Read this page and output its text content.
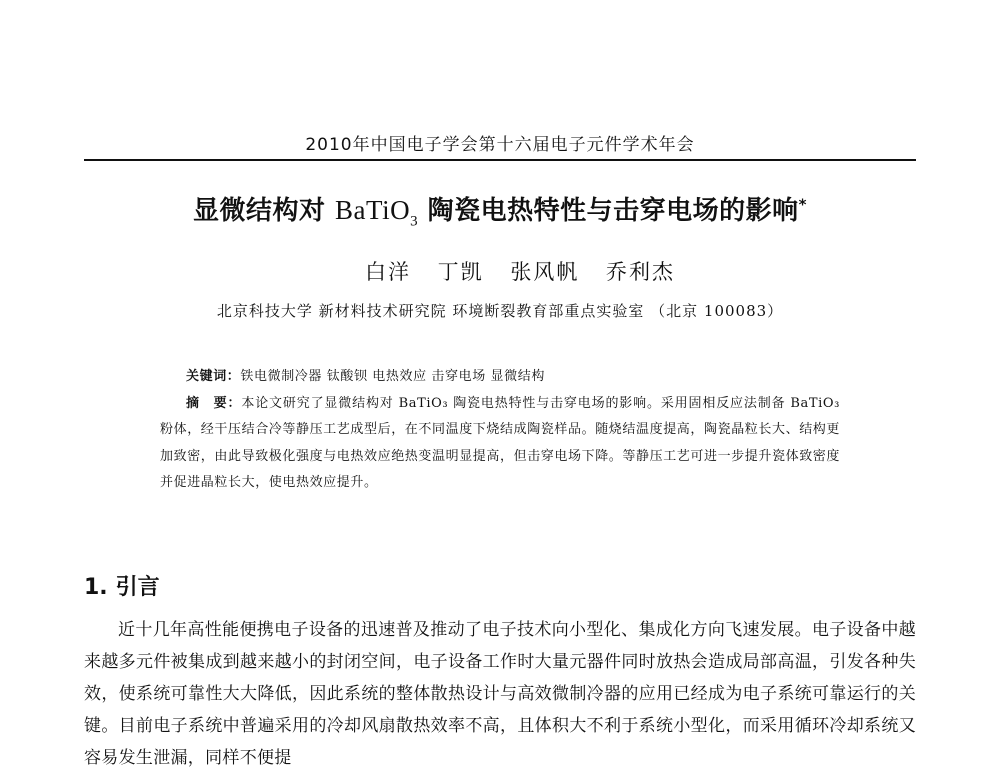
2010年中国电子学会第十六届电子元件学术年会
显微结构对 BaTiO$_3$ 陶瓷电热特性与击穿电场的影响*
白洋 丁凯 张风帆 乔利杰
北京科技大学 新材料技术研究院 环境断裂教育部重点实验室 （北京 100083）

关键词：铁电微制冷器 钛酸钡 电热效应 击穿电场 显微结构

摘　要：本论文研究了显微结构对 BaTiO₃ 陶瓷电热特性与击穿电场的影响。采用固相反应法制备 BaTiO₃ 粉体，经干压结合冷等静压工艺成型后，在不同温度下烧结成陶瓷样品。随烧结温度提高，陶瓷晶粒长大、结构更加致密，由此导致极化强度与电热效应绝热变温明显提高，但击穿电场下降。等静压工艺可进一步提升瓷体致密度并促进晶粒长大，使电热效应提升。

1. 引言

近十几年高性能便携电子设备的迅速普及推动了电子技术向小型化、集成化方向飞速发展。电子设备中越来越多元件被集成到越来越小的封闭空间，电子设备工作时大量元器件同时放热会造成局部高温，引发各种失效，使系统可靠性大大降低，因此系统的整体散热设计与高效微制冷器的应用已经成为电子系统可靠运行的关键。目前电子系统中普遍采用的冷却风扇散热效率不高，且体积大不利于系统小型化，而采用循环冷却系统又容易发生泄漏，同样不便提
